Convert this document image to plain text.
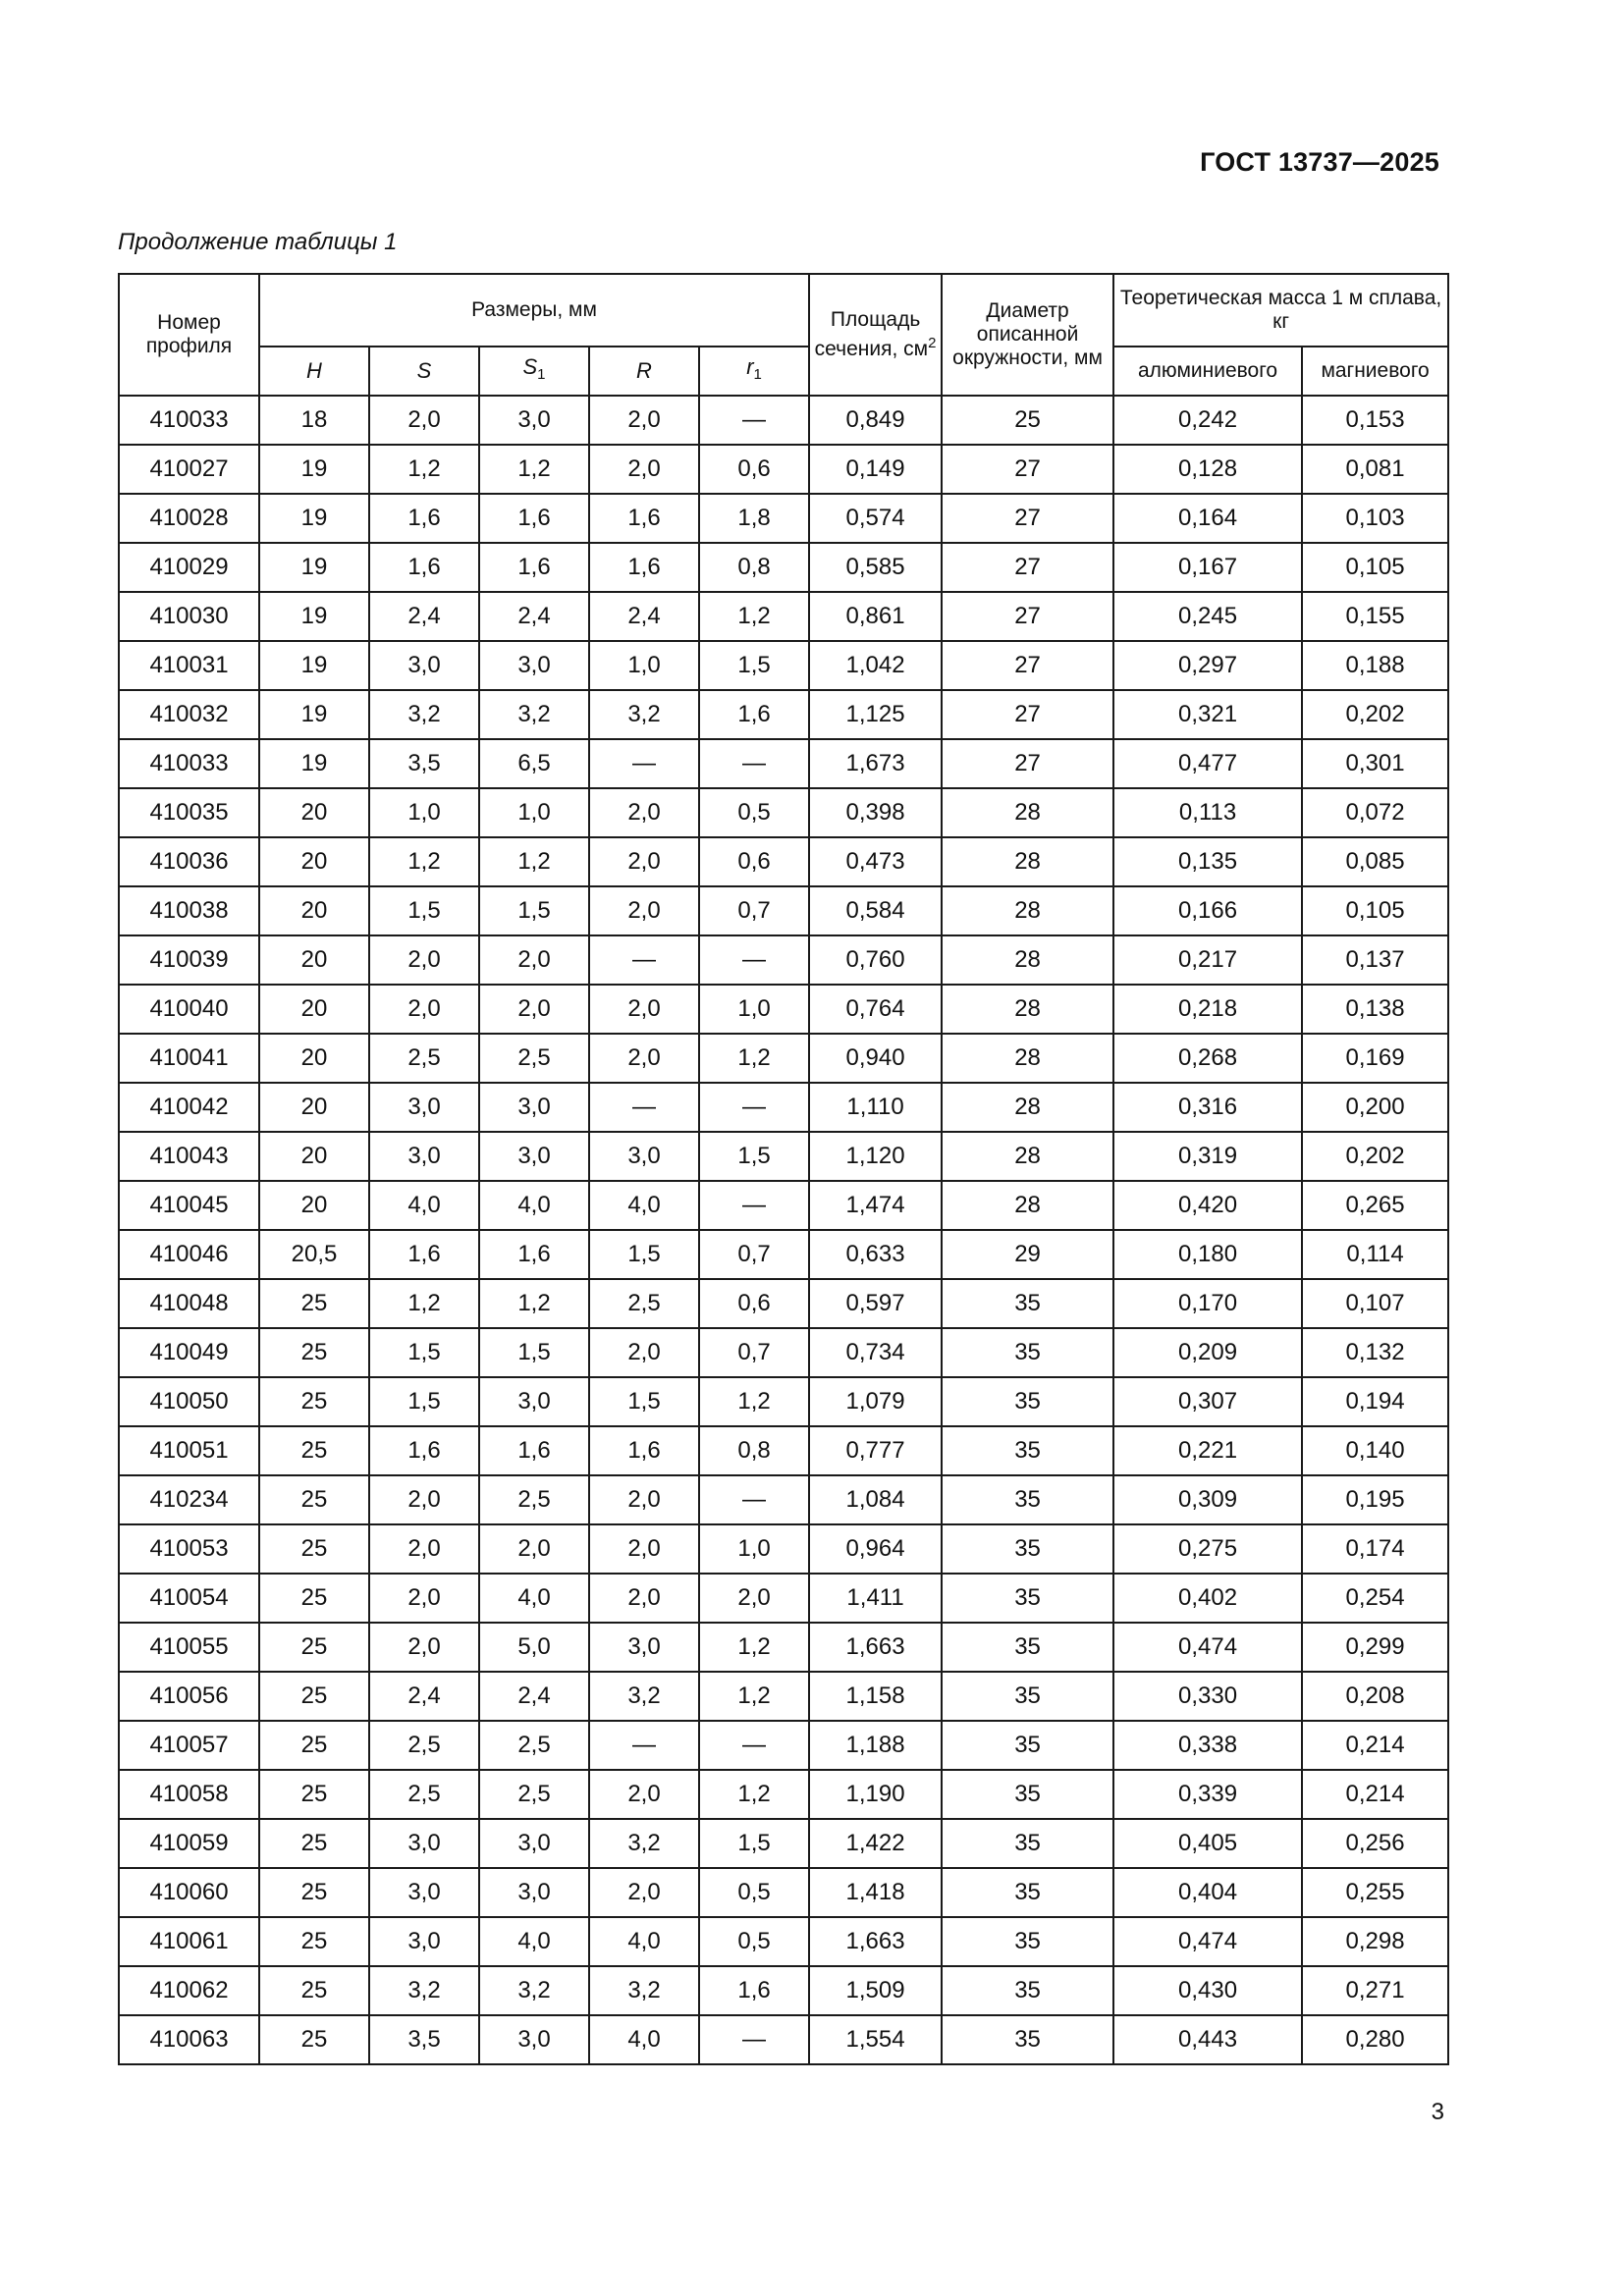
ГОСТ 13737—2025
Продолжение таблицы 1
Номер профиля	Размеры, мм					Площадь сечения, $см^2$	Диаметр описанной окружности, мм	Теоретическая масса 1 м сплава, кг	
	H	S	$S_1$	R	$r_1$			алюминиевого	магниевого
410033	18	2,0	3,0	2,0	—	0,849	25	0,242	0,153
410027	19	1,2	1,2	2,0	0,6	0,149	27	0,128	0,081
410028	19	1,6	1,6	1,6	1,8	0,574	27	0,164	0,103
410029	19	1,6	1,6	1,6	0,8	0,585	27	0,167	0,105
410030	19	2,4	2,4	2,4	1,2	0,861	27	0,245	0,155
410031	19	3,0	3,0	1,0	1,5	1,042	27	0,297	0,188
410032	19	3,2	3,2	3,2	1,6	1,125	27	0,321	0,202
410033	19	3,5	6,5	—	—	1,673	27	0,477	0,301
410035	20	1,0	1,0	2,0	0,5	0,398	28	0,113	0,072
410036	20	1,2	1,2	2,0	0,6	0,473	28	0,135	0,085
410038	20	1,5	1,5	2,0	0,7	0,584	28	0,166	0,105
410039	20	2,0	2,0	—	—	0,760	28	0,217	0,137
410040	20	2,0	2,0	2,0	1,0	0,764	28	0,218	0,138
410041	20	2,5	2,5	2,0	1,2	0,940	28	0,268	0,169
410042	20	3,0	3,0	—	—	1,110	28	0,316	0,200
410043	20	3,0	3,0	3,0	1,5	1,120	28	0,319	0,202
410045	20	4,0	4,0	4,0	—	1,474	28	0,420	0,265
410046	20,5	1,6	1,6	1,5	0,7	0,633	29	0,180	0,114
410048	25	1,2	1,2	2,5	0,6	0,597	35	0,170	0,107
410049	25	1,5	1,5	2,0	0,7	0,734	35	0,209	0,132
410050	25	1,5	3,0	1,5	1,2	1,079	35	0,307	0,194
410051	25	1,6	1,6	1,6	0,8	0,777	35	0,221	0,140
410234	25	2,0	2,5	2,0	—	1,084	35	0,309	0,195
410053	25	2,0	2,0	2,0	1,0	0,964	35	0,275	0,174
410054	25	2,0	4,0	2,0	2,0	1,411	35	0,402	0,254
410055	25	2,0	5,0	3,0	1,2	1,663	35	0,474	0,299
410056	25	2,4	2,4	3,2	1,2	1,158	35	0,330	0,208
410057	25	2,5	2,5	—	—	1,188	35	0,338	0,214
410058	25	2,5	2,5	2,0	1,2	1,190	35	0,339	0,214
410059	25	3,0	3,0	3,2	1,5	1,422	35	0,405	0,256
410060	25	3,0	3,0	2,0	0,5	1,418	35	0,404	0,255
410061	25	3,0	4,0	4,0	0,5	1,663	35	0,474	0,298
410062	25	3,2	3,2	3,2	1,6	1,509	35	0,430	0,271
410063	25	3,5	3,0	4,0	—	1,554	35	0,443	0,280
3
